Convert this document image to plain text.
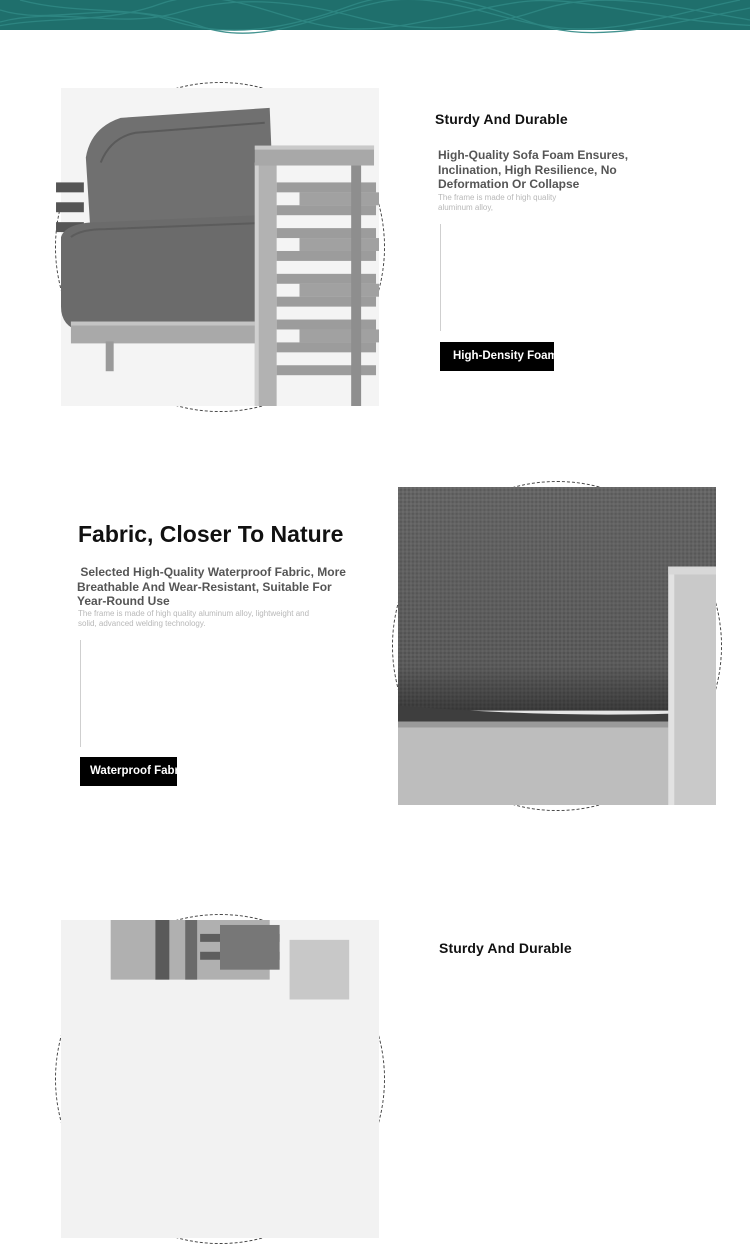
Sturdy And Durable
High-Quality Sofa Foam Ensures, Inclination, High Resilience, No Deformation Or Collapse
The frame is made of high quality aluminum alloy,
High-Density Foam
Fabric, Closer To Nature
Selected High-Quality Waterproof Fabric, More Breathable And Wear-Resistant, Suitable For Year-Round Use
The frame is made of high quality aluminum alloy, lightweight and solid, advanced welding technology.
Waterproof Fabric
Sturdy And Durable
